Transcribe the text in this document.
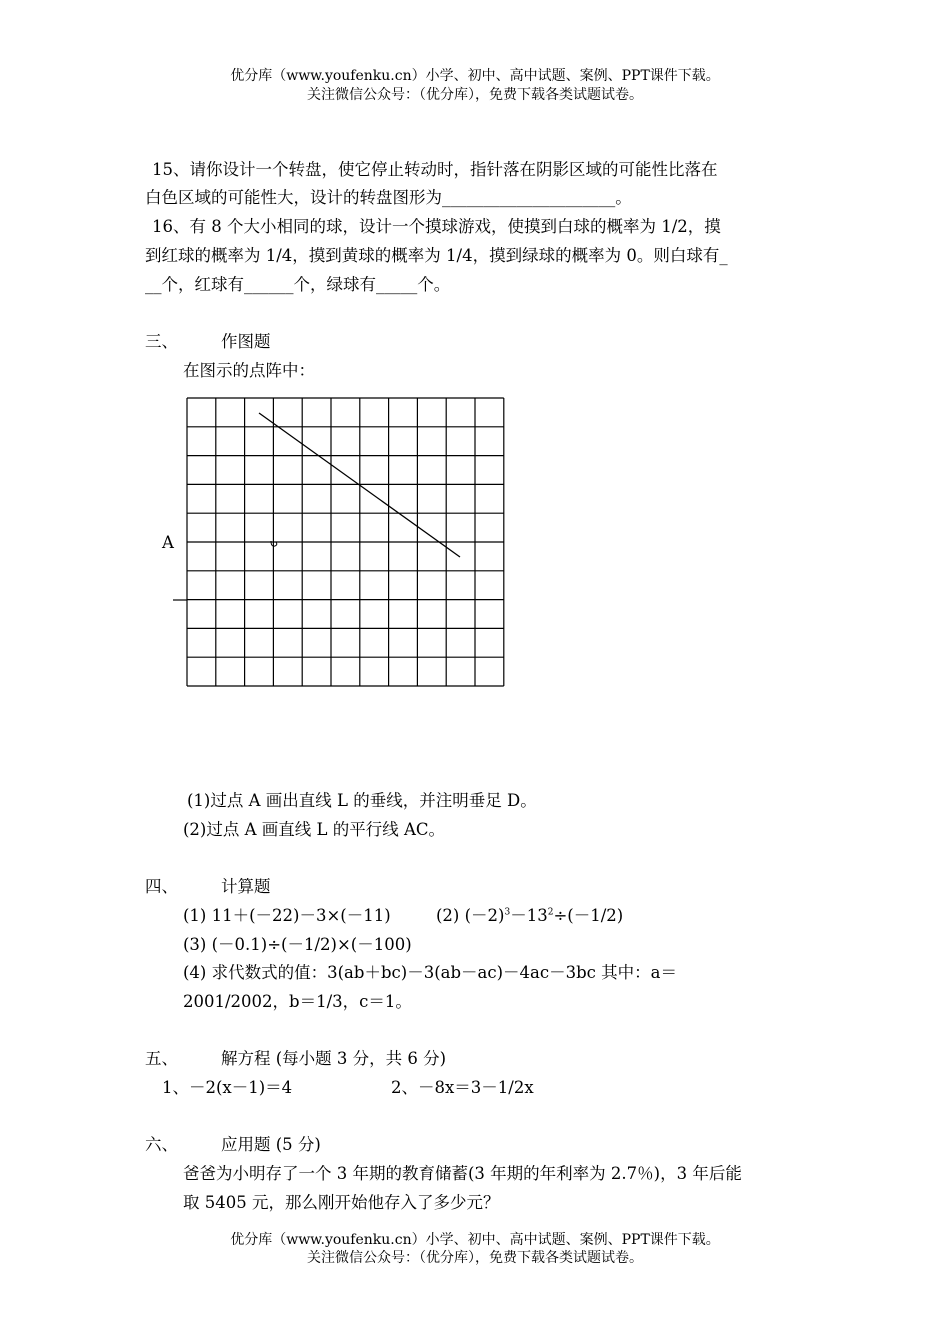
优分库（www.youfenku.cn）小学、初中、高中试题、案例、PPT课件下载。
关注微信公众号：（优分库），免费下载各类试题试卷。
15、请你设计一个转盘，使它停止转动时，指针落在阴影区域的可能性比落在
白色区域的可能性大，设计的转盘图形为_____________________。
16、有 8 个大小相同的球，设计一个摸球游戏，使摸到白球的概率为 1/2，摸
到红球的概率为 1/4，摸到黄球的概率为 1/4，摸到绿球的概率为 0。则白球有_
__个，红球有______个，绿球有_____个。
三、	作图题
在图示的点阵中：
A
(1)过点 A 画出直线 L 的垂线，并注明垂足 D。
(2)过点 A 画直线 L 的平行线 AC。
四、	计算题
(1) 11＋(－22)－3×(－11)	(2) $(-2)^3-13^2\div(-1/2)$
(3) (－0.1)÷(－1/2)×(－100)
(4) 求代数式的值：3(ab＋bc)－3(ab－ac)－4ac－3bc 其中：a＝
2001/2002，b＝1/3，c＝1。
五、	解方程 (每小题 3 分，共 6 分)
1、－2(x－1)＝4	2、－8x＝3－1/2x
六、	应用题 (5 分)
爸爸为小明存了一个 3 年期的教育储蓄(3 年期的年利率为 2.7％)，3 年后能
取 5405 元，那么刚开始他存入了多少元？
优分库（www.youfenku.cn）小学、初中、高中试题、案例、PPT课件下载。
关注微信公众号：（优分库），免费下载各类试题试卷。
